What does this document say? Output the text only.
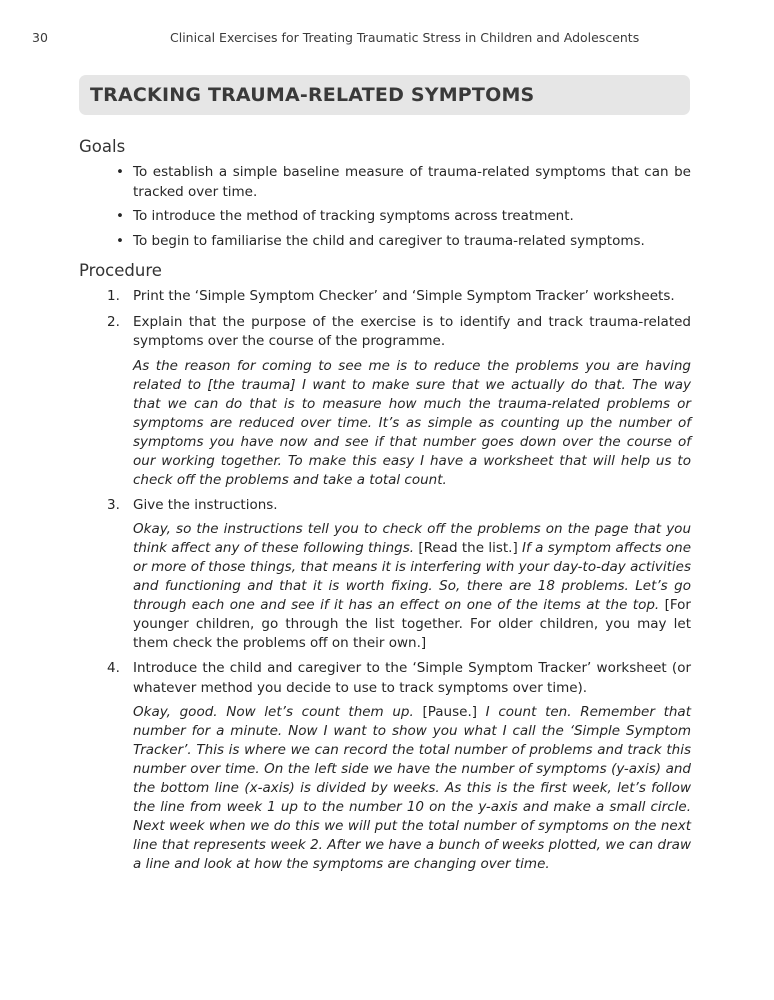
30	Clinical Exercises for Treating Traumatic Stress in Children and Adolescents
TRACKING TRAUMA-RELATED SYMPTOMS
Goals
• To establish a simple baseline measure of trauma-related symptoms that can be tracked over time.
• To introduce the method of tracking symptoms across treatment.
• To begin to familiarise the child and caregiver to trauma-related symptoms.
Procedure
1. Print the ‘Simple Symptom Checker’ and ‘Simple Symptom Tracker’ worksheets.

2. Explain that the purpose of the exercise is to identify and track trauma-related symptoms over the course of the programme.

As the reason for coming to see me is to reduce the problems you are having related to [the trauma] I want to make sure that we actually do that. The way that we can do that is to measure how much the trauma-related problems or symptoms are reduced over time. It’s as simple as counting up the number of symptoms you have now and see if that number goes down over the course of our working together. To make this easy I have a worksheet that will help us to check off the problems and take a total count.

3. Give the instructions.

Okay, so the instructions tell you to check off the problems on the page that you think affect any of these following things. [Read the list.] If a symptom affects one or more of those things, that means it is interfering with your day-to-day activities and functioning and that it is worth fixing. So, there are 18 problems. Let’s go through each one and see if it has an effect on one of the items at the top. [For younger children, go through the list together. For older children, you may let them check the problems off on their own.]

4. Introduce the child and caregiver to the ‘Simple Symptom Tracker’ worksheet (or whatever method you decide to use to track symptoms over time).

Okay, good. Now let’s count them up. [Pause.] I count ten. Remember that number for a minute. Now I want to show you what I call the ‘Simple Symptom Tracker’. This is where we can record the total number of problems and track this number over time. On the left side we have the number of symptoms (y-axis) and the bottom line (x-axis) is divided by weeks. As this is the first week, let’s follow the line from week 1 up to the number 10 on the y-axis and make a small circle. Next week when we do this we will put the total number of symptoms on the next line that represents week 2. After we have a bunch of weeks plotted, we can draw a line and look at how the symptoms are changing over time.
